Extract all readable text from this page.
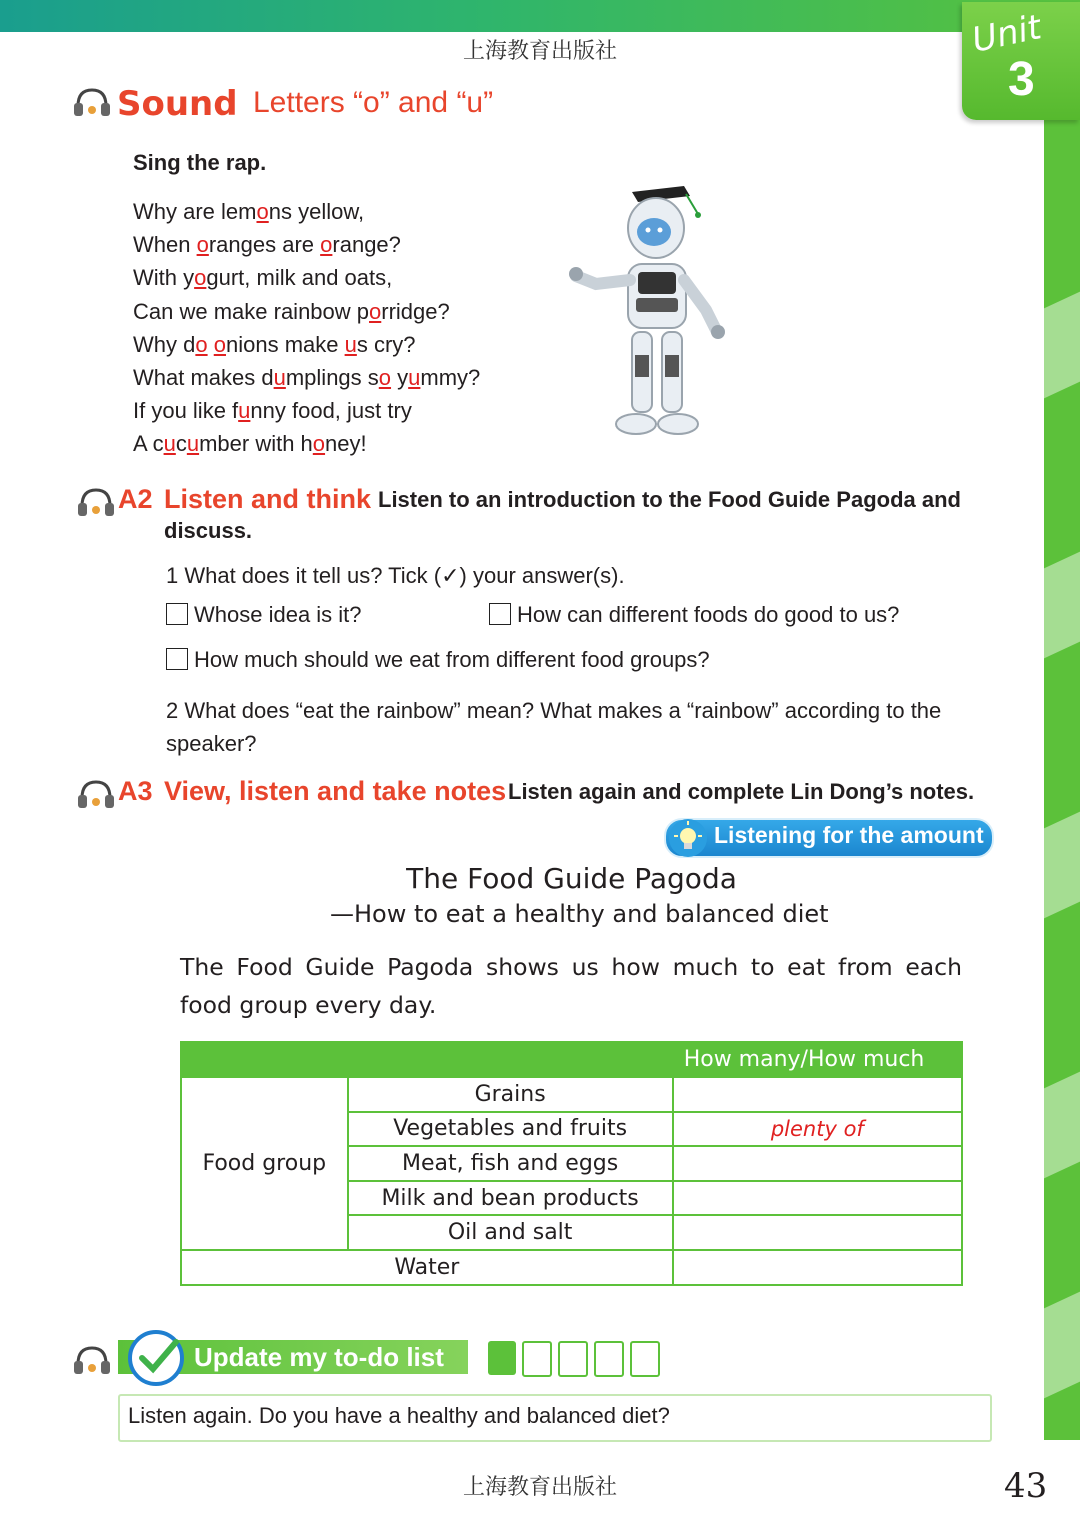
Unit
3
上海教育出版社
Sound Letters “o” and “u”
Sing the rap.
Why are lemons yellow,
When oranges are orange?
With yogurt, milk and oats,
Can we make rainbow porridge?
Why do onions make us cry?
What makes dumplings so yummy?
If you like funny food, just try
A cucumber with honey!
A2 Listen and think Listen to an introduction to the Food Guide Pagoda and
discuss.
1 What does it tell us? Tick (✓) your answer(s).
Whose idea is it?	How can different foods do good to us?
How much should we eat from different food groups?
2 What does “eat the rainbow” mean? What makes a “rainbow” according to the
speaker?
A3 View, listen and take notes Listen again and complete Lin Dong’s notes.
Listening for the amount
The Food Guide Pagoda
—How to eat a healthy and balanced diet
The Food Guide Pagoda shows us how much to eat from each food group every day.
		How many/How much
Food group	Grains	
	Vegetables and fruits	plenty of
	Meat, fish and eggs	
	Milk and bean products	
	Oil and salt	
Water		
Update my to-do list
Listen again. Do you have a healthy and balanced diet?
上海教育出版社	43
